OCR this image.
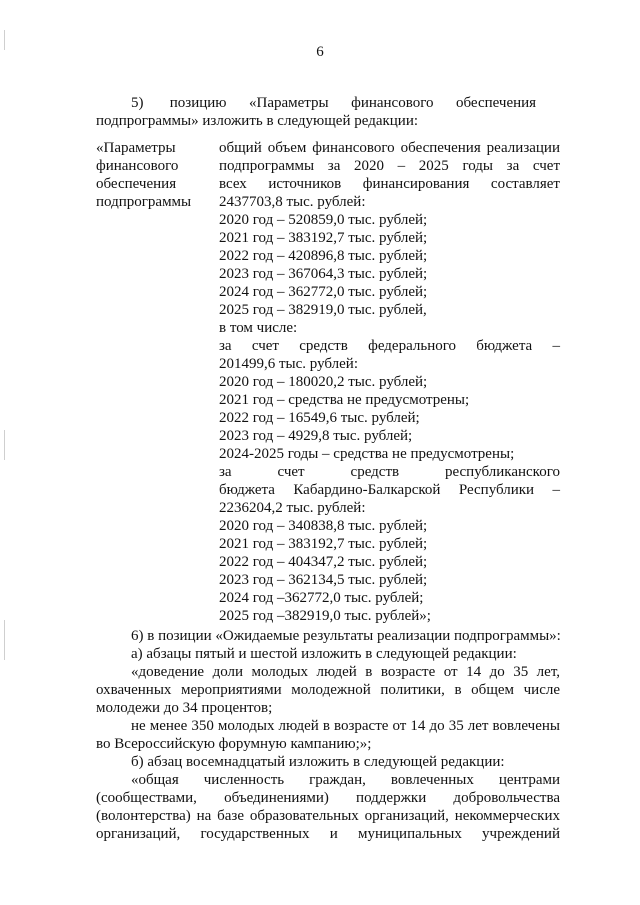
6
5)       позицию      «Параметры      финансового      обеспечения
подпрограммы» изложить в следующей редакции:
«Параметры
финансового
обеспечения
подпрограммы
общий объем финансового обеспечения реализации
подпрограммы за 2020 – 2025 годы за счет
всех источников финансирования составляет
2437703,8 тыс. рублей:
2020 год – 520859,0 тыс. рублей;
2021 год – 383192,7 тыс. рублей;
2022 год – 420896,8 тыс. рублей;
2023 год – 367064,3 тыс. рублей;
2024 год – 362772,0 тыс. рублей;
2025 год – 382919,0 тыс. рублей,
в том числе:
за счет средств федерального бюджета –
201499,6 тыс. рублей:
2020 год – 180020,2 тыс. рублей;
2021 год – средства не предусмотрены;
2022 год – 16549,6 тыс. рублей;
2023 год – 4929,8 тыс. рублей;
2024-2025 годы – средства не предусмотрены;
за счет средств республиканского
бюджета Кабардино-Балкарской Республики –
2236204,2 тыс. рублей:
2020 год – 340838,8 тыс. рублей;
2021 год – 383192,7 тыс. рублей;
2022 год – 404347,2 тыс. рублей;
2023 год – 362134,5 тыс. рублей;
2024 год –362772,0 тыс. рублей;
2025 год –382919,0 тыс. рублей»;
6) в позиции «Ожидаемые результаты реализации подпрограммы»:
а) абзацы пятый и шестой изложить в следующей редакции:
«доведение доли молодых людей в возрасте от 14 до 35 лет,
охваченных мероприятиями молодежной политики, в общем числе
молодежи до 34 процентов;
не менее 350 молодых людей в возрасте от 14 до 35 лет вовлечены
во Всероссийскую форумную кампанию;»;
б) абзац восемнадцатый изложить в следующей редакции:
«общая численность граждан, вовлеченных центрами
(сообществами, объединениями) поддержки добровольчества
(волонтерства) на базе образовательных организаций, некоммерческих
организаций, государственных и муниципальных учреждений
